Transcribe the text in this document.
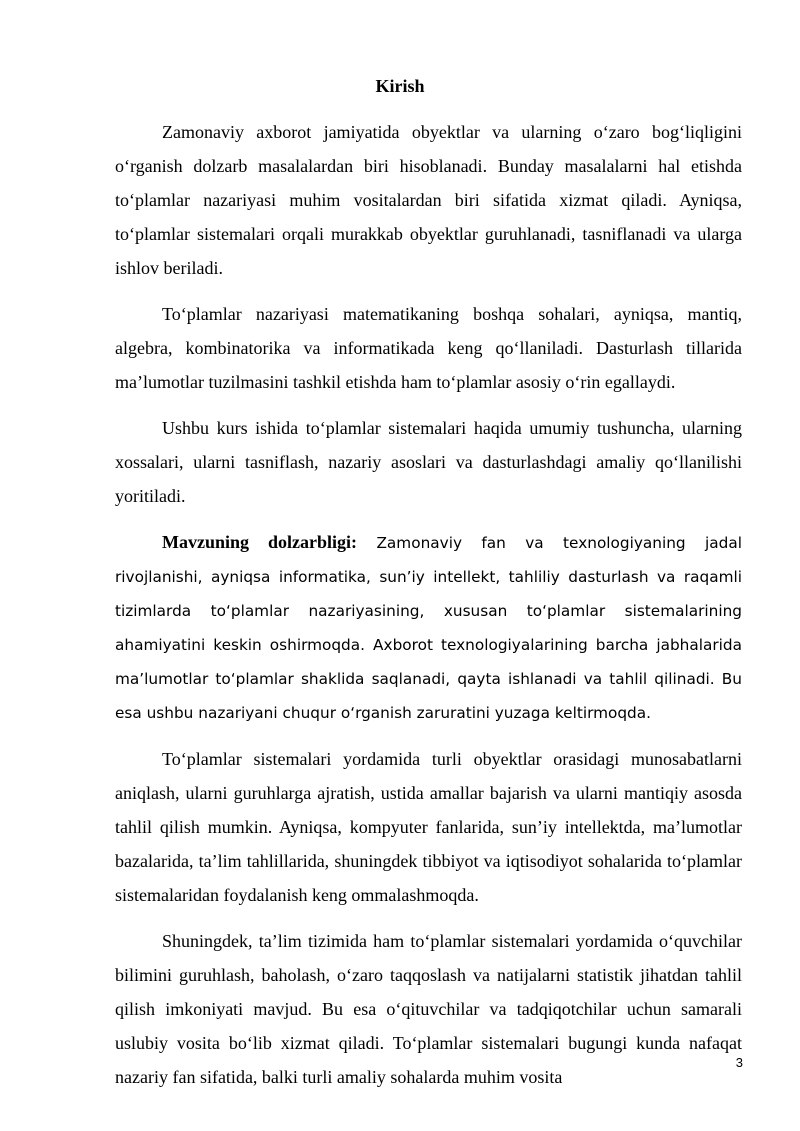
Kirish

Zamonaviy axborot jamiyatida obyektlar va ularning o‘zaro bog‘liqligini o‘rganish dolzarb masalalardan biri hisoblanadi. Bunday masalalarni hal etishda to‘plamlar nazariyasi muhim vositalardan biri sifatida xizmat qiladi. Ayniqsa, to‘plamlar sistemalari orqali murakkab obyektlar guruhlanadi, tasniflanadi va ularga ishlov beriladi.

To‘plamlar nazariyasi matematikaning boshqa sohalari, ayniqsa, mantiq, algebra, kombinatorika va informatikada keng qo‘llaniladi. Dasturlash tillarida ma’lumotlar tuzilmasini tashkil etishda ham to‘plamlar asosiy o‘rin egallaydi.

Ushbu kurs ishida to‘plamlar sistemalari haqida umumiy tushuncha, ularning xossalari, ularni tasniflash, nazariy asoslari va dasturlashdagi amaliy qo‘llanilishi yoritiladi.

Mavzuning dolzarbligi: Zamonaviy fan va texnologiyaning jadal rivojlanishi, ayniqsa informatika, sun’iy intellekt, tahliliy dasturlash va raqamli tizimlarda to‘plamlar nazariyasining, xususan to‘plamlar sistemalarining ahamiyatini keskin oshirmoqda. Axborot texnologiyalarining barcha jabhalarida ma’lumotlar to‘plamlar shaklida saqlanadi, qayta ishlanadi va tahlil qilinadi. Bu esa ushbu nazariyani chuqur o‘rganish zaruratini yuzaga keltirmoqda.

To‘plamlar sistemalari yordamida turli obyektlar orasidagi munosabatlarni aniqlash, ularni guruhlarga ajratish, ustida amallar bajarish va ularni mantiqiy asosda tahlil qilish mumkin. Ayniqsa, kompyuter fanlarida, sun’iy intellektda, ma’lumotlar bazalarida, ta’lim tahlillarida, shuningdek tibbiyot va iqtisodiyot sohalarida to‘plamlar sistemalaridan foydalanish keng ommalashmoqda.

Shuningdek, ta’lim tizimida ham to‘plamlar sistemalari yordamida o‘quvchilar bilimini guruhlash, baholash, o‘zaro taqqoslash va natijalarni statistik jihatdan tahlil qilish imkoniyati mavjud. Bu esa o‘qituvchilar va tadqiqotchilar uchun samarali uslubiy vosita bo‘lib xizmat qiladi. To‘plamlar sistemalari bugungi kunda nafaqat nazariy fan sifatida, balki turli amaliy sohalarda muhim vosita

3
